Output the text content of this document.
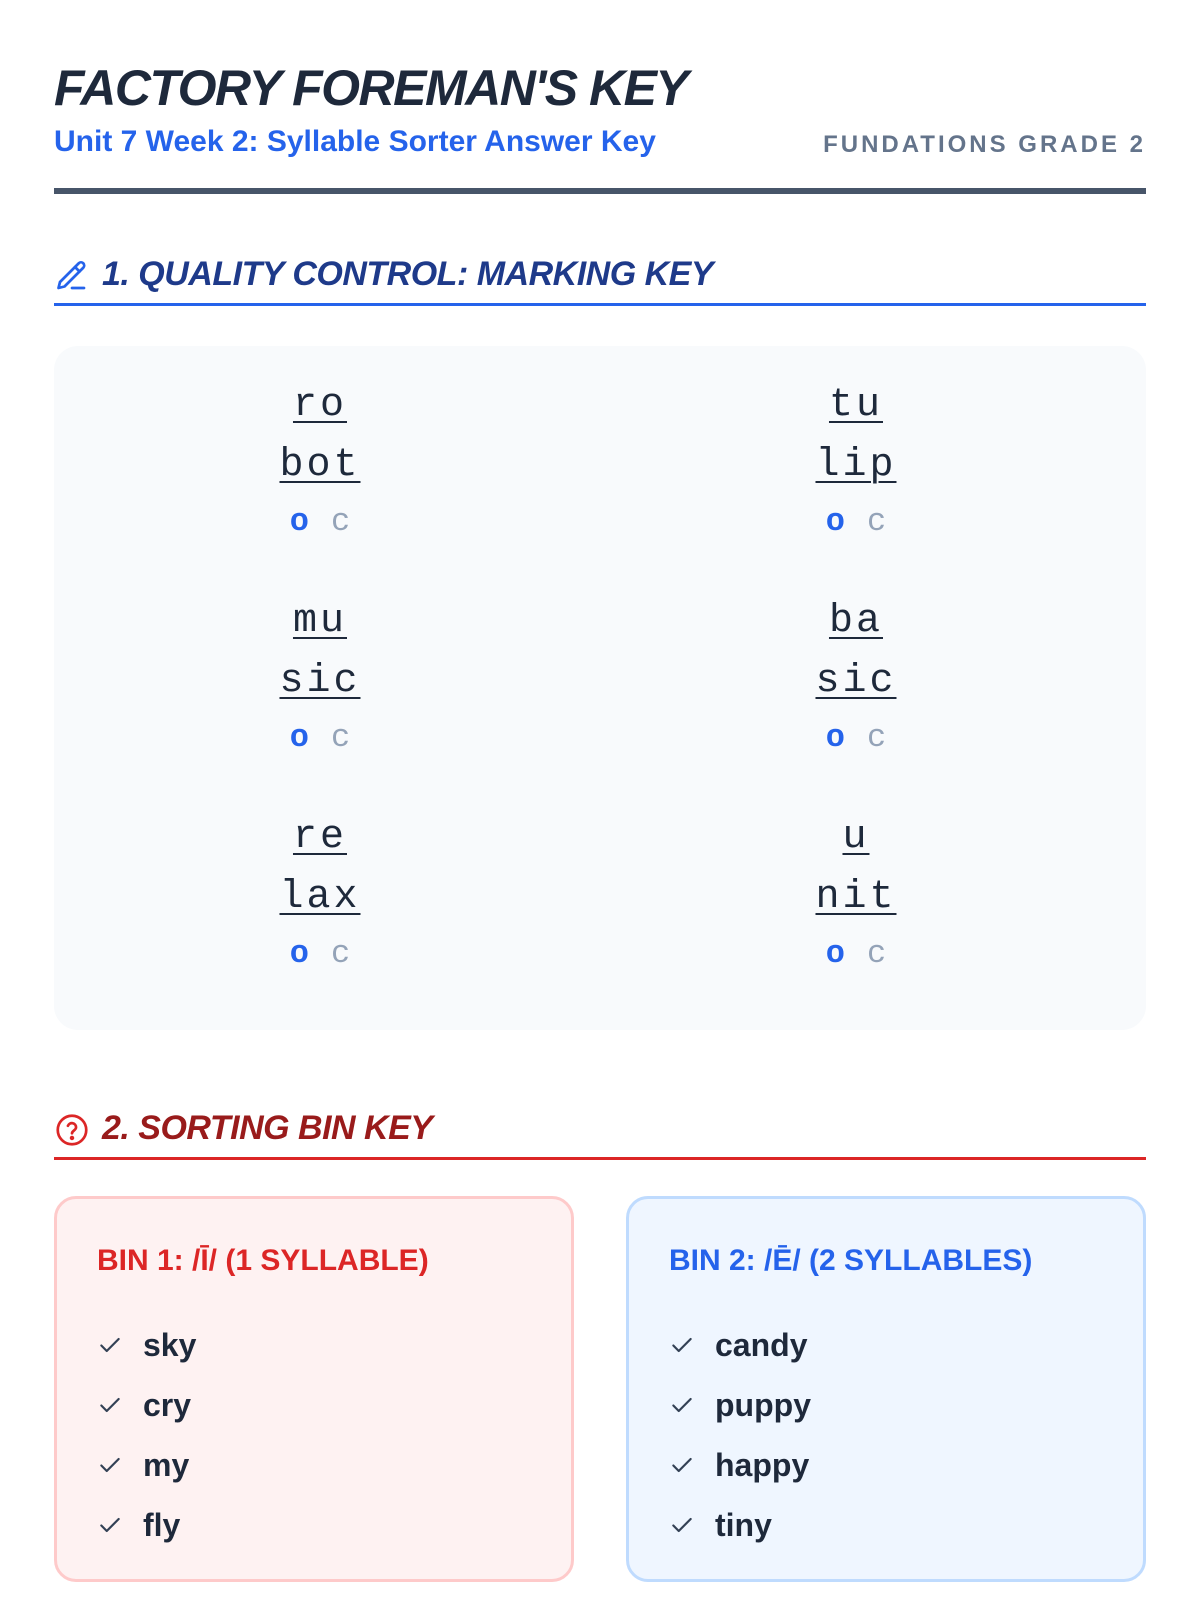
FACTORY FOREMAN'S KEY
Unit 7 Week 2: Syllable Sorter Answer Key	FUNDATIONS GRADE 2
1. QUALITY CONTROL: MARKING KEY
ro
bot
o c
tu
lip
o c
mu
sic
o c
ba
sic
o c
re
lax
o c
u
nit
o c
2. SORTING BIN KEY
BIN 1: /Ī/ (1 SYLLABLE)
sky
cry
my
fly
BIN 2: /Ē/ (2 SYLLABLES)
candy
puppy
happy
tiny
